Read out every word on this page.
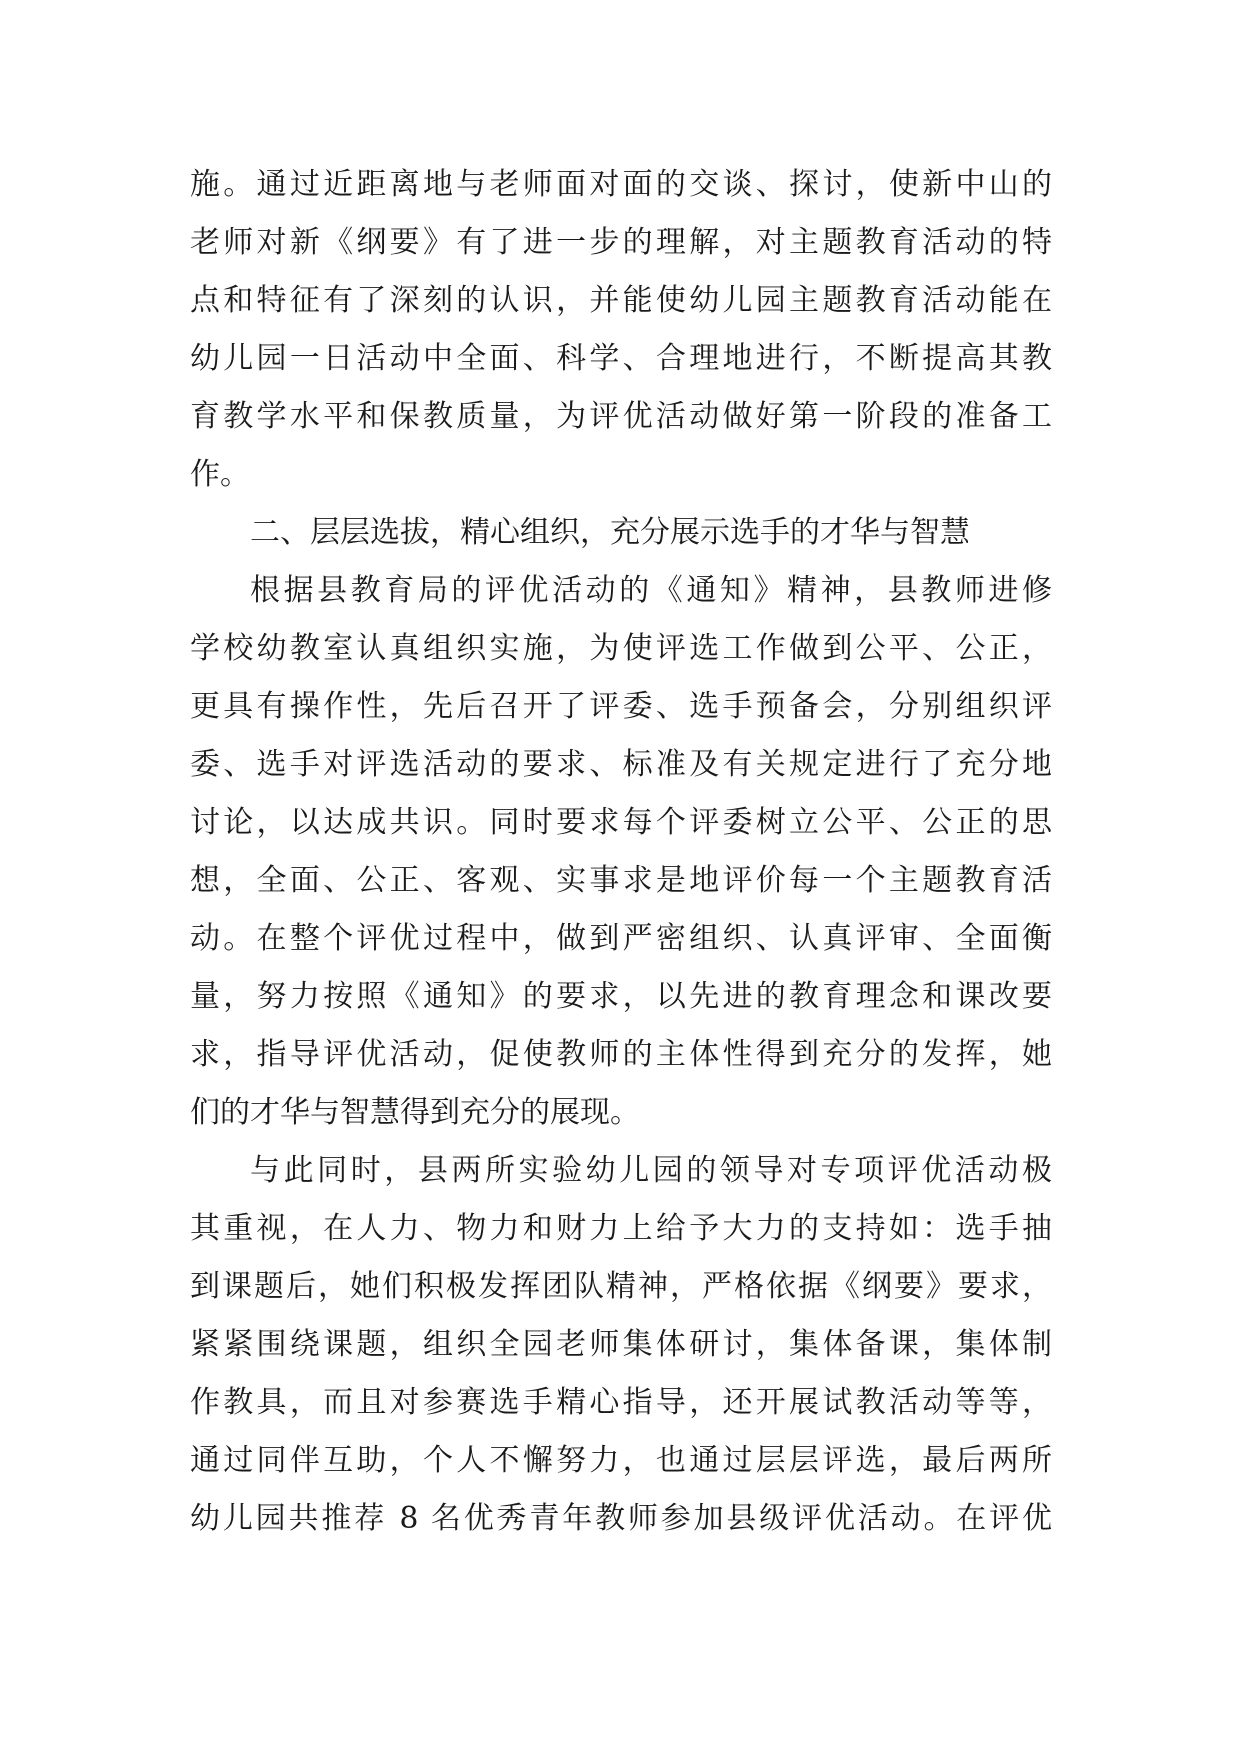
施。通过近距离地与老师面对面的交谈、探讨，使新中山的
老师对新《纲要》有了进一步的理解，对主题教育活动的特
点和特征有了深刻的认识，并能使幼儿园主题教育活动能在
幼儿园一日活动中全面、科学、合理地进行，不断提高其教
育教学水平和保教质量，为评优活动做好第一阶段的准备工
作。
二、层层选拔，精心组织，充分展示选手的才华与智慧
根据县教育局的评优活动的《通知》精神，县教师进修
学校幼教室认真组织实施，为使评选工作做到公平、公正，
更具有操作性，先后召开了评委、选手预备会，分别组织评
委、选手对评选活动的要求、标准及有关规定进行了充分地
讨论，以达成共识。同时要求每个评委树立公平、公正的思
想，全面、公正、客观、实事求是地评价每一个主题教育活
动。在整个评优过程中，做到严密组织、认真评审、全面衡
量，努力按照《通知》的要求，以先进的教育理念和课改要
求，指导评优活动，促使教师的主体性得到充分的发挥，她
们的才华与智慧得到充分的展现。
与此同时，县两所实验幼儿园的领导对专项评优活动极
其重视，在人力、物力和财力上给予大力的支持如：选手抽
到课题后，她们积极发挥团队精神，严格依据《纲要》要求，
紧紧围绕课题，组织全园老师集体研讨，集体备课，集体制
作教具，而且对参赛选手精心指导，还开展试教活动等等，
通过同伴互助，个人不懈努力，也通过层层评选，最后两所
幼儿园共推荐 8 名优秀青年教师参加县级评优活动。在评优
